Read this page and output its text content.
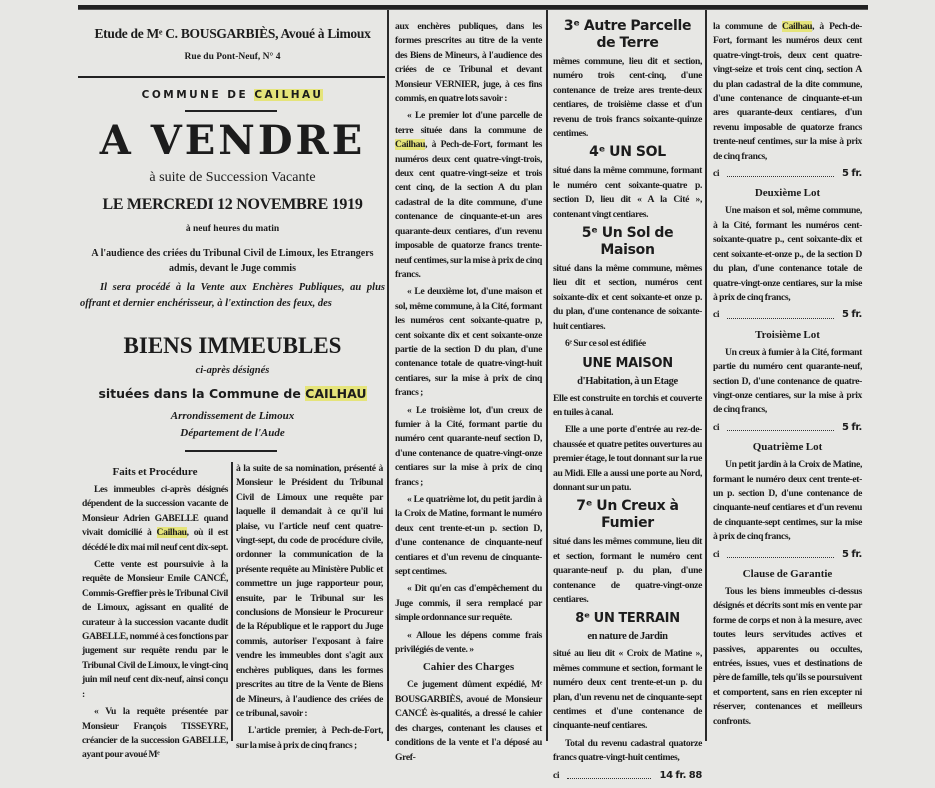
Etude de Mᵉ C. BOUSGARBIÈS, Avoué à Limoux
Rue du Pont-Neuf, N° 4
COMMUNE DE CAILHAU
A VENDRE
à suite de Succession Vacante
LE MERCREDI 12 NOVEMBRE 1919
à neuf heures du matin
A l'audience des criées du Tribunal Civil de Limoux, les Etrangers admis, devant le Juge commis
Il sera procédé à la Vente aux Enchères Publiques, au plus offrant et dernier enchérisseur, à l'extinction des feux, des
BIENS IMMEUBLES
ci-après désignés
situées dans la Commune de CAILHAU
Arrondissement de Limoux
Département de l'Aude
Faits et Procédure

Les immeubles ci-après désignés dépendent de la succession vacante de Monsieur Adrien GABELLE quand vivait domicilié à Cailhau, où il est décédé le dix mai mil neuf cent dix-sept.

Cette vente est poursuivie à la requête de Monsieur Emile CANCÉ, Commis-Greffier près le Tribunal Civil de Limoux, agissant en qualité de curateur à la succession vacante dudit GABELLE, nommé à ces fonctions par jugement sur requête rendu par le Tribunal Civil de Limoux, le vingt-cinq juin mil neuf cent dix-neuf, ainsi conçu :

« Vu la requête présentée par Monsieur François TISSEYRE, créancier de la succession GABELLE, ayant pour avoué Mᵉ

à la suite de sa nomination, présenté à Monsieur le Président du Tribunal Civil de Limoux une requête par laquelle il demandait à ce qu'il lui plaise, vu l'article neuf cent quatre-vingt-sept, du code de procédure civile, ordonner la communication de la présente requête au Ministère Public et commettre un juge rapporteur pour, ensuite, par le Tribunal sur les conclusions de Monsieur le Procureur de la République et le rapport du Juge commis, autoriser l'exposant à faire vendre les immeubles dont s'agit aux enchères publiques, dans les formes prescrites au titre de la Vente de Biens de Mineurs, à l'audience des criées de ce tribunal, savoir :

L'article premier, à Pech-de-Fort, sur la mise à prix de cinq francs ;

aux enchères publiques, dans les formes prescrites au titre de la vente des Biens de Mineurs, à l'audience des criées de ce Tribunal et devant Monsieur VERNIER, juge, à ces fins commis, en quatre lots savoir :

« Le premier lot d'une parcelle de terre située dans la commune de Cailhau, à Pech-de-Fort, formant les numéros deux cent quatre-vingt-trois, deux cent quatre-vingt-seize et trois cent cinq, de la section A du plan cadastral de la dite commune, d'une contenance de cinquante-et-un ares quarante-deux centiares, d'un revenu imposable de quatorze francs trente-neuf centimes, sur la mise à prix de cinq francs.

« Le deuxième lot, d'une maison et sol, même commune, à la Cité, formant les numéros cent soixante-quatre p, cent soixante dix et cent soixante-onze partie de la section D du plan, d'une contenance totale de quatre-vingt-huit centiares, sur la mise à prix de cinq francs ;

« Le troisième lot, d'un creux de fumier à la Cité, formant partie du numéro cent quarante-neuf section D, d'une contenance de quatre-vingt-onze centiares sur la mise à prix de cinq francs ;

« Le quatrième lot, du petit jardin à la Croix de Matine, formant le numéro deux cent trente-et-un p. section D, d'une contenance de cinquante-neuf centiares et d'un revenu de cinquante-sept centimes.

« Dit qu'en cas d'empêchement du Juge commis, il sera remplacé par simple ordonnance sur requête.

« Alloue les dépens comme frais privilégiés de vente. »

Cahier des Charges

Ce jugement dûment expédié, Mᵉ BOUSGARBIÈS, avoué de Monsieur CANCÉ ès-qualités, a dressé le cahier des charges, contenant les clauses et conditions de la vente et l'a déposé au Gref-

3ᵉ Autre Parcelle de Terre

mêmes commune, lieu dit et section, numéro trois cent-cinq, d'une contenance de treize ares trente-deux centiares, de troisième classe et d'un revenu de trois francs soixante-quinze centimes.

4ᵉ UN SOL

situé dans la même commune, formant le numéro cent soixante-quatre p. section D, lieu dit « A la Cité », contenant vingt centiares.

5ᵉ Un Sol de Maison

situé dans la même commune, mêmes lieu dit et section, numéros cent soixante-dix et cent soixante-et onze p. du plan, d'une contenance de soixante-huit centiares.

6ᵉ Sur ce sol est édifiée

UNE MAISON
d'Habitation, à un Etage

Elle est construite en torchis et couverte en tuiles à canal.

Elle a une porte d'entrée au rez-de-chaussée et quatre petites ouvertures au premier étage, le tout donnant sur la rue au Midi. Elle a aussi une porte au Nord, donnant sur un patu.

7ᵉ Un Creux à Fumier

situé dans les mêmes commune, lieu dit et section, formant le numéro cent quarante-neuf p. du plan, d'une contenance de quatre-vingt-onze centiares.

8ᵉ UN TERRAIN
en nature de Jardin

situé au lieu dit « Croix de Matine », mêmes commune et section, formant le numéro deux cent trente-et-un p. du plan, d'un revenu net de cinquante-sept centimes et d'une contenance de cinquante-neuf centiares.

Total du revenu cadastral quatorze francs quatre-vingt-huit centimes,

ci	14 fr. 88

la commune de Cailhau, à Pech-de-Fort, formant les numéros deux cent quatre-vingt-trois, deux cent quatre-vingt-seize et trois cent cinq, section A du plan cadastral de la dite commune, d'une contenance de cinquante-et-un ares quarante-deux centiares, d'un revenu imposable de quatorze francs trente-neuf centimes, sur la mise à prix de cinq francs,

ci	5 fr.
Deuxième Lot

Une maison et sol, même commune, à la Cité, formant les numéros cent-soixante-quatre p., cent soixante-dix et cent soixante-et-onze p., de la section D du plan, d'une contenance totale de quatre-vingt-onze centiares, sur la mise à prix de cinq francs,

ci	5 fr.
Troisième Lot

Un creux à fumier à la Cité, formant partie du numéro cent quarante-neuf, section D, d'une contenance de quatre-vingt-onze centiares, sur la mise à prix de cinq francs,

ci	5 fr.
Quatrième Lot

Un petit jardin à la Croix de Matine, formant le numéro deux cent trente-et-un p. section D, d'une contenance de cinquante-neuf centiares et d'un revenu de cinquante-sept centimes, sur la mise à prix de cinq francs,

ci	5 fr.
Clause de Garantie

Tous les biens immeubles ci-dessus désignés et décrits sont mis en vente par forme de corps et non à la mesure, avec toutes leurs servitudes actives et passives, apparentes ou occultes, entrées, issues, vues et destinations de père de famille, tels qu'ils se poursuivent et comportent, sans en rien excepter ni réserver, contenances et meilleurs confronts.
